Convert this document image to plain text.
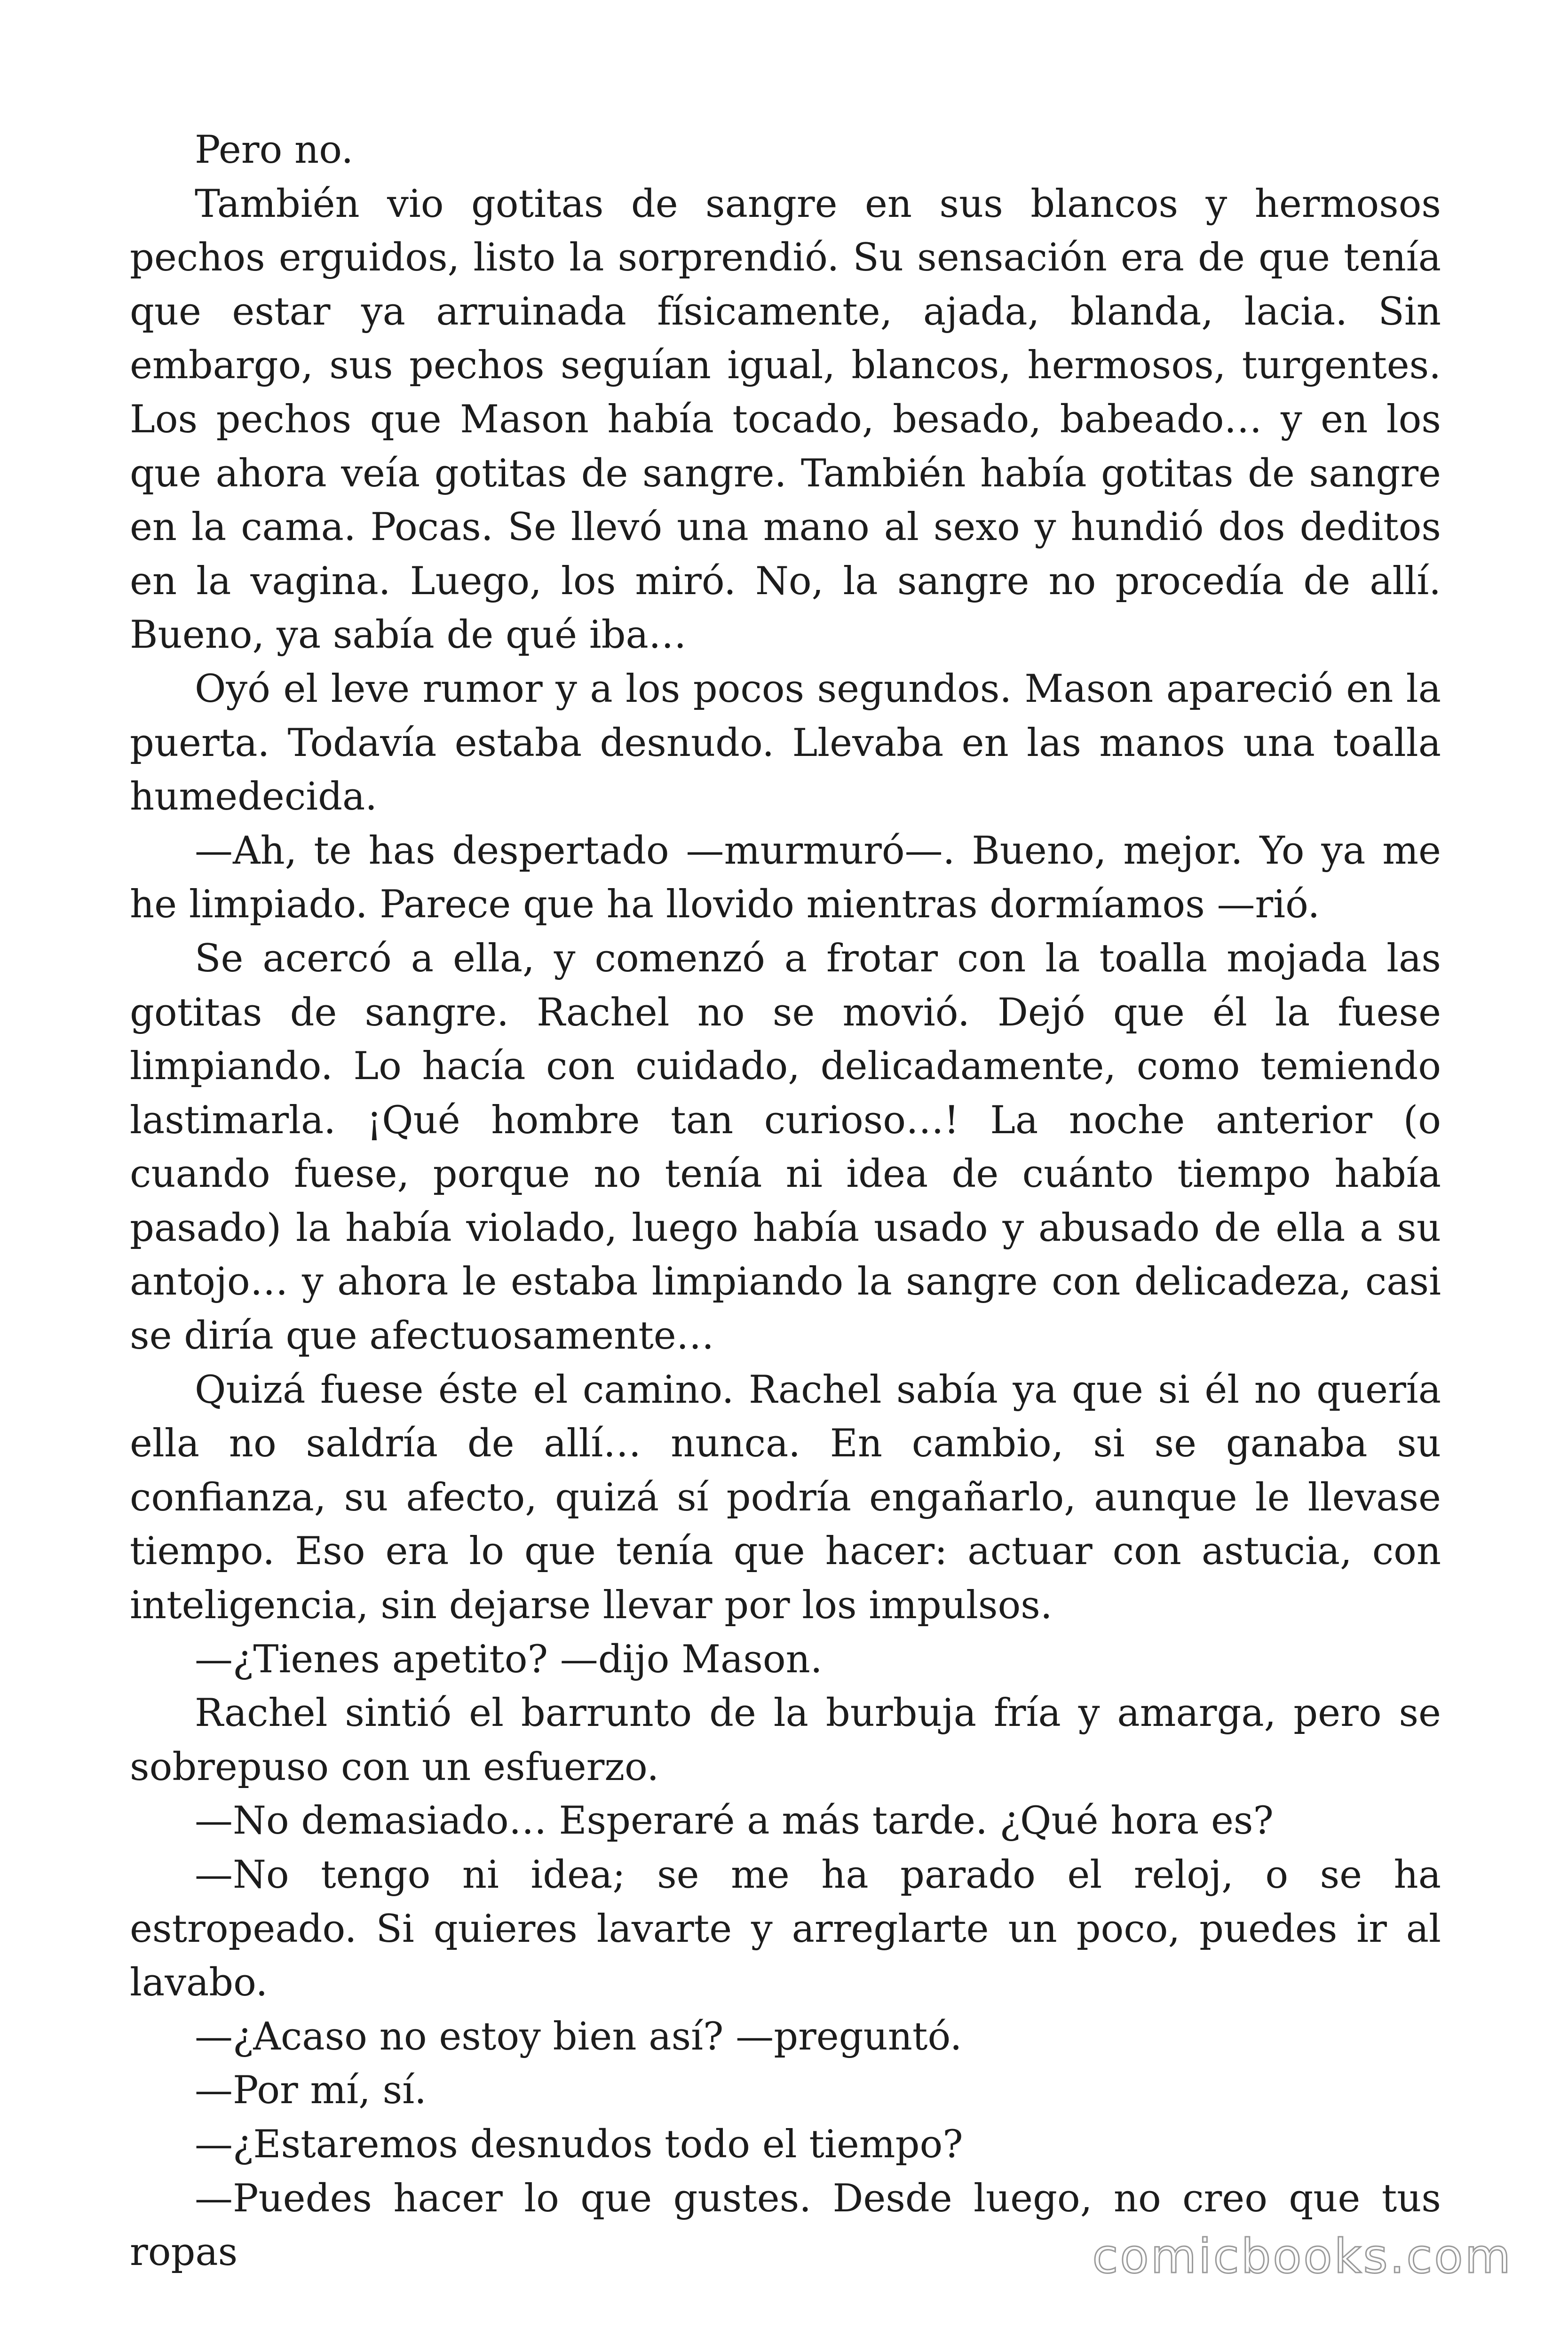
Pero no.

También vio gotitas de sangre en sus blancos y hermosos pechos erguidos, listo la sorprendió. Su sensación era de que tenía que estar ya arruinada físicamente, ajada, blanda, lacia. Sin embargo, sus pechos seguían igual, blancos, hermosos, turgentes. Los pechos que Mason había tocado, besado, babeado… y en los que ahora veía gotitas de sangre. También había gotitas de sangre en la cama. Pocas. Se llevó una mano al sexo y hundió dos deditos en la vagina. Luego, los miró. No, la sangre no procedía de allí. Bueno, ya sabía de qué iba…

Oyó el leve rumor y a los pocos segundos. Mason apareció en la puerta. Todavía estaba desnudo. Llevaba en las manos una toalla humedecida.

—Ah, te has despertado —murmuró—. Bueno, mejor. Yo ya me he limpiado. Parece que ha llovido mientras dormíamos —rió.

Se acercó a ella, y comenzó a frotar con la toalla mojada las gotitas de sangre. Rachel no se movió. Dejó que él la fuese limpiando. Lo hacía con cuidado, delicadamente, como temiendo lastimarla. ¡Qué hombre tan curioso…! La noche anterior (o cuando fuese, porque no tenía ni idea de cuánto tiempo había pasado) la había violado, luego había usado y abusado de ella a su antojo… y ahora le estaba limpiando la sangre con delicadeza, casi se diría que afectuosamente…

Quizá fuese éste el camino. Rachel sabía ya que si él no quería ella no saldría de allí… nunca. En cambio, si se ganaba su confianza, su afecto, quizá sí podría engañarlo, aunque le llevase tiempo. Eso era lo que tenía que hacer: actuar con astucia, con inteligencia, sin dejarse llevar por los impulsos.

—¿Tienes apetito? —dijo Mason.

Rachel sintió el barrunto de la burbuja fría y amarga, pero se sobrepuso con un esfuerzo.

—No demasiado… Esperaré a más tarde. ¿Qué hora es?

—No tengo ni idea; se me ha parado el reloj, o se ha estropeado. Si quieres lavarte y arreglarte un poco, puedes ir al lavabo.

—¿Acaso no estoy bien así? —preguntó.

—Por mí, sí.

—¿Estaremos desnudos todo el tiempo?

—Puedes hacer lo que gustes. Desde luego, no creo que tus ropas	comicbooks.com
